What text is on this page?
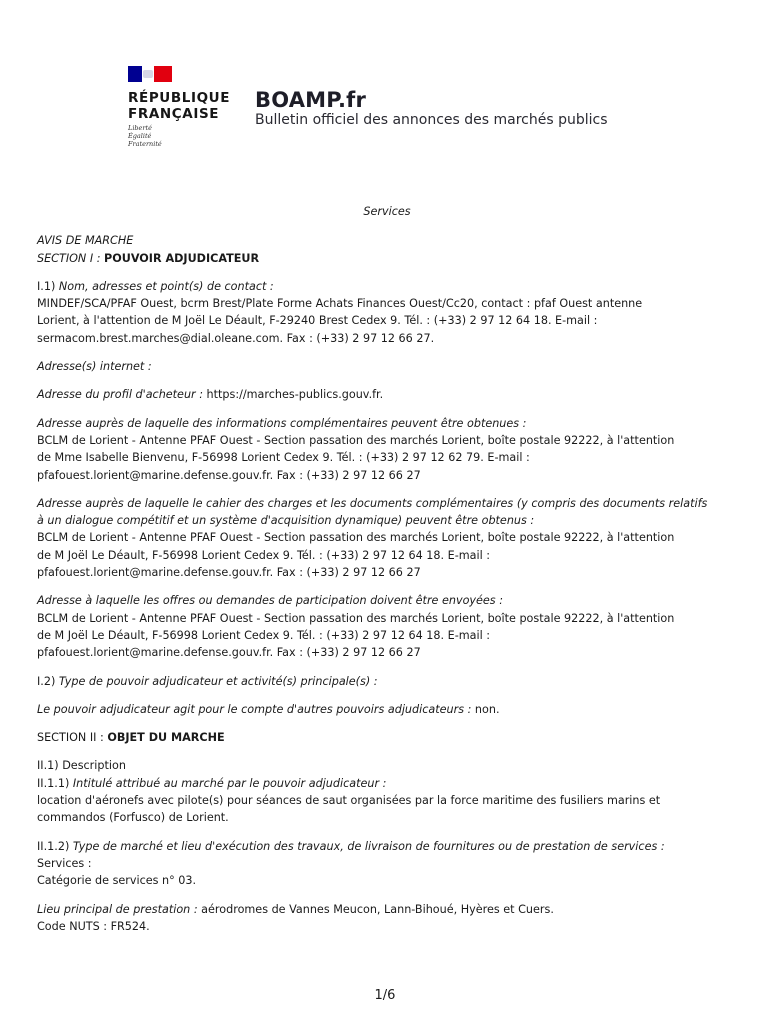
RÉPUBLIQUE
FRANÇAISE
Liberté
Égalité
Fraternité
BOAMP.fr
Bulletin officiel des annonces des marchés publics

Services

AVIS DE MARCHE

SECTION I : POUVOIR ADJUDICATEUR

I.1) Nom, adresses et point(s) de contact :

MINDEF/SCA/PFAF Ouest, bcrm Brest/Plate Forme Achats Finances Ouest/Cc20, contact : pfaf Ouest antenne

Lorient, à l'attention de M Joël Le Déault, F-29240 Brest Cedex 9. Tél. : (+33) 2 97 12 64 18. E-mail :

sermacom.brest.marches@dial.oleane.com. Fax : (+33) 2 97 12 66 27.

Adresse(s) internet :

Adresse du profil d'acheteur : https://marches-publics.gouv.fr.

Adresse auprès de laquelle des informations complémentaires peuvent être obtenues :

BCLM de Lorient - Antenne PFAF Ouest - Section passation des marchés Lorient, boîte postale 92222, à l'attention

de Mme Isabelle Bienvenu, F-56998 Lorient Cedex 9. Tél. : (+33) 2 97 12 62 79. E-mail :

pfafouest.lorient@marine.defense.gouv.fr. Fax : (+33) 2 97 12 66 27

Adresse auprès de laquelle le cahier des charges et les documents complémentaires (y compris des documents relatifs

à un dialogue compétitif et un système d'acquisition dynamique) peuvent être obtenus :

BCLM de Lorient - Antenne PFAF Ouest - Section passation des marchés Lorient, boîte postale 92222, à l'attention

de M Joël Le Déault, F-56998 Lorient Cedex 9. Tél. : (+33) 2 97 12 64 18. E-mail :

pfafouest.lorient@marine.defense.gouv.fr. Fax : (+33) 2 97 12 66 27

Adresse à laquelle les offres ou demandes de participation doivent être envoyées :

BCLM de Lorient - Antenne PFAF Ouest - Section passation des marchés Lorient, boîte postale 92222, à l'attention

de M Joël Le Déault, F-56998 Lorient Cedex 9. Tél. : (+33) 2 97 12 64 18. E-mail :

pfafouest.lorient@marine.defense.gouv.fr. Fax : (+33) 2 97 12 66 27

I.2) Type de pouvoir adjudicateur et activité(s) principale(s) :

Le pouvoir adjudicateur agit pour le compte d'autres pouvoirs adjudicateurs : non.

SECTION II : OBJET DU MARCHE

II.1) Description

II.1.1) Intitulé attribué au marché par le pouvoir adjudicateur :

location d'aéronefs avec pilote(s) pour séances de saut organisées par la force maritime des fusiliers marins et

commandos (Forfusco) de Lorient.

II.1.2) Type de marché et lieu d'exécution des travaux, de livraison de fournitures ou de prestation de services :

Services :

Catégorie de services n° 03.

Lieu principal de prestation : aérodromes de Vannes Meucon, Lann-Bihoué, Hyères et Cuers.

Code NUTS : FR524.

1/6
